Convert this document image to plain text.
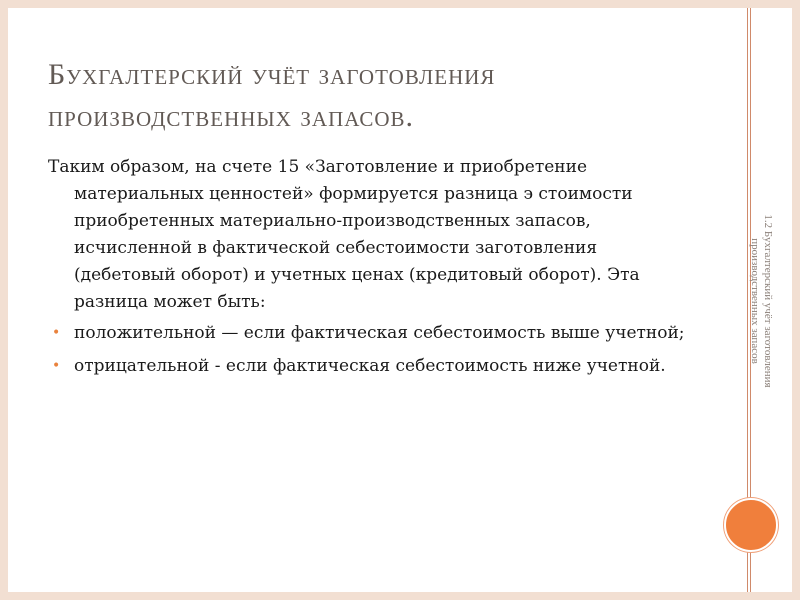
Бухгалтерский учёт заготовления
производственных запасов.

Таким образом, на счете 15 «Заготовление и приобретение материальных ценностей» формируется разница э стоимости приобретенных материально-производственных запасов, исчисленной в фактической себестоимости заготовления (дебетовый оборот) и учетных ценах (кредитовый оборот). Эта разница может быть:

• положительной — если фактическая себестоимость выше учетной;
• отрицательной - если фактическая себестоимость ниже учетной.	1.2 Бухгалтерский учёт заготовления производственных запасов
